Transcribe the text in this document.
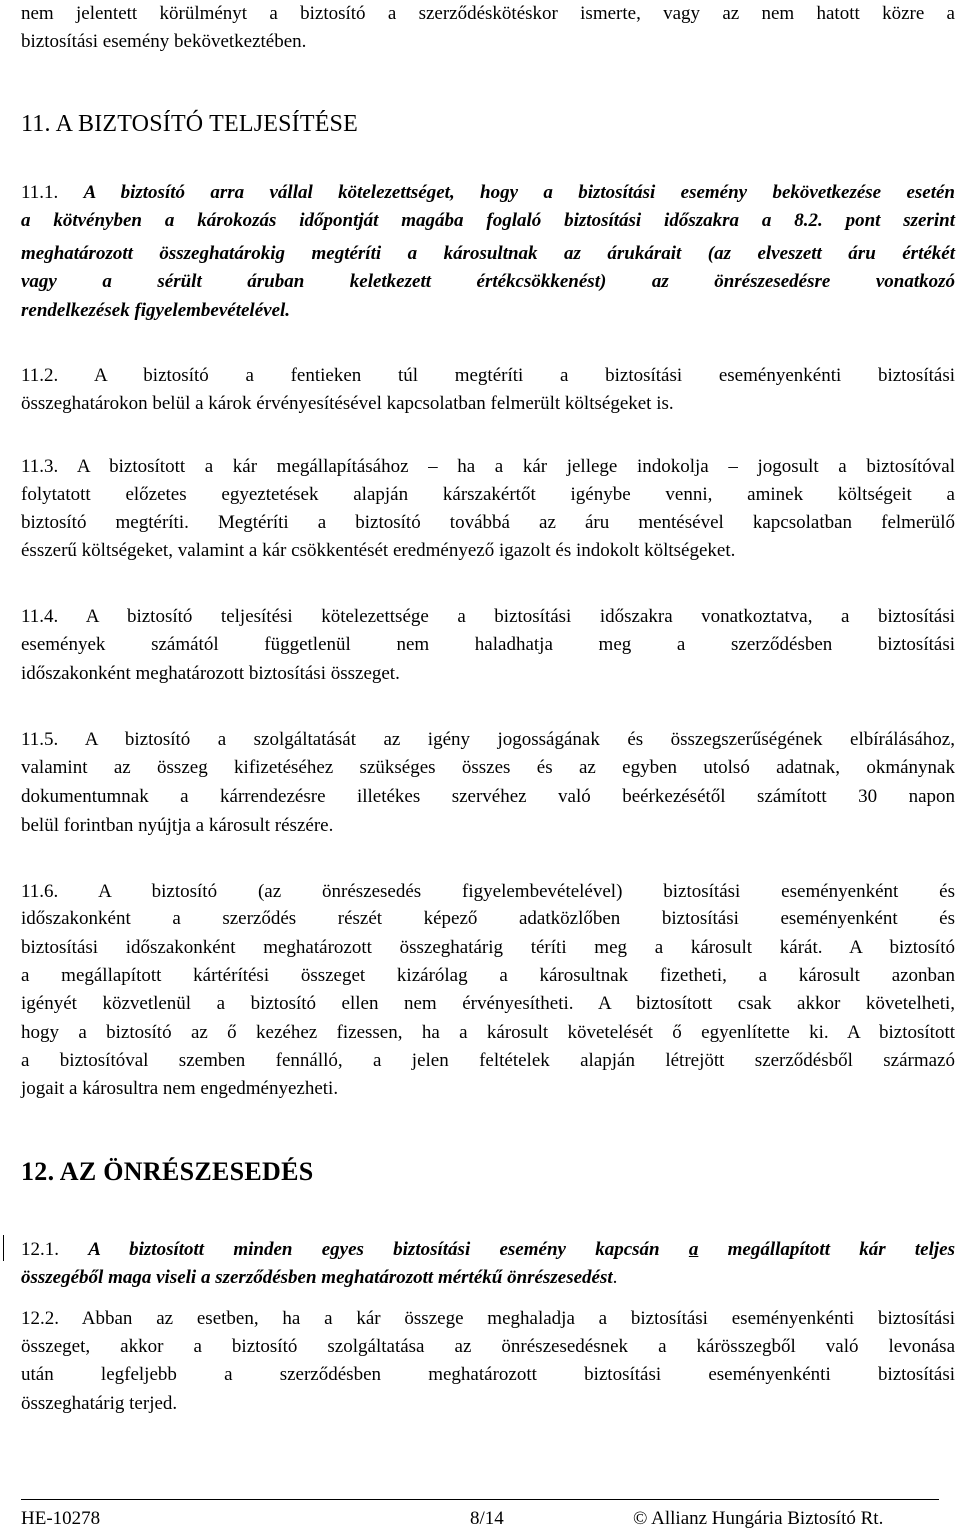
nem jelentett körülményt a biztosító a szerződéskötéskor ismerte, vagy az nem hatott közre a
biztosítási esemény bekövetkeztében.
11. A BIZTOSÍTÓ TELJESÍTÉSE
11.1. A biztosító arra vállal kötelezettséget, hogy a biztosítási esemény bekövetkezése esetén
a kötvényben a károkozás időpontját magába foglaló biztosítási időszakra a 8.2. pont szerint
meghatározott összeghatárokig megtéríti a károsultnak az árukárait (az elveszett áru értékét
vagy a sérült áruban keletkezett értékcsökkenést) az önrészesedésre vonatkozó
rendelkezések figyelembevételével.
11.2. A biztosító a fentieken túl megtéríti a biztosítási eseményenkénti biztosítási
összeghatárokon belül a károk érvényesítésével kapcsolatban felmerült költségeket is.
11.3. A biztosított a kár megállapításához – ha a kár jellege indokolja – jogosult a biztosítóval
folytatott előzetes egyeztetések alapján kárszakértőt igénybe venni, aminek költségeit a
biztosító megtéríti. Megtéríti a biztosító továbbá az áru mentésével kapcsolatban felmerülő
ésszerű költségeket, valamint a kár csökkentését eredményező igazolt és indokolt költségeket.
11.4. A biztosító teljesítési kötelezettsége a biztosítási időszakra vonatkoztatva, a biztosítási
események számától függetlenül nem haladhatja meg a szerződésben biztosítási
időszakonként meghatározott biztosítási összeget.
11.5. A biztosító a szolgáltatását az igény jogosságának és összegszerűségének elbírálásához,
valamint az összeg kifizetéséhez szükséges összes és az egyben utolsó adatnak, okmánynak
dokumentumnak a kárrendezésre illetékes szervéhez való beérkezésétől számított 30 napon
belül forintban nyújtja a károsult részére.
11.6. A biztosító (az önrészesedés figyelembevételével) biztosítási eseményenként és
időszakonként a szerződés részét képező adatközlőben biztosítási eseményenként és
biztosítási időszakonként meghatározott összeghatárig téríti meg a károsult kárát. A biztosító
a megállapított kártérítési összeget kizárólag a károsultnak fizetheti, a károsult azonban
igényét közvetlenül a biztosító ellen nem érvényesítheti. A biztosított csak akkor követelheti,
hogy a biztosító az ő kezéhez fizessen, ha a károsult követelését ő egyenlítette ki. A biztosított
a biztosítóval szemben fennálló, a jelen feltételek alapján létrejött szerződésből származó
jogait a károsultra nem engedményezheti.
12. AZ ÖNRÉSZESEDÉS
12.1. A biztosított minden egyes biztosítási esemény kapcsán a megállapított kár teljes
összegéből maga viseli a szerződésben meghatározott mértékű önrészesedést.
12.2. Abban az esetben, ha a kár összege meghaladja a biztosítási eseményenkénti biztosítási
összeget, akkor a biztosító szolgáltatása az önrészesedésnek a kárösszegből való levonása
után legfeljebb a szerződésben meghatározott biztosítási eseményenkénti biztosítási
összeghatárig terjed.
HE-10278	8/14	© Allianz Hungária Biztosító Rt.
